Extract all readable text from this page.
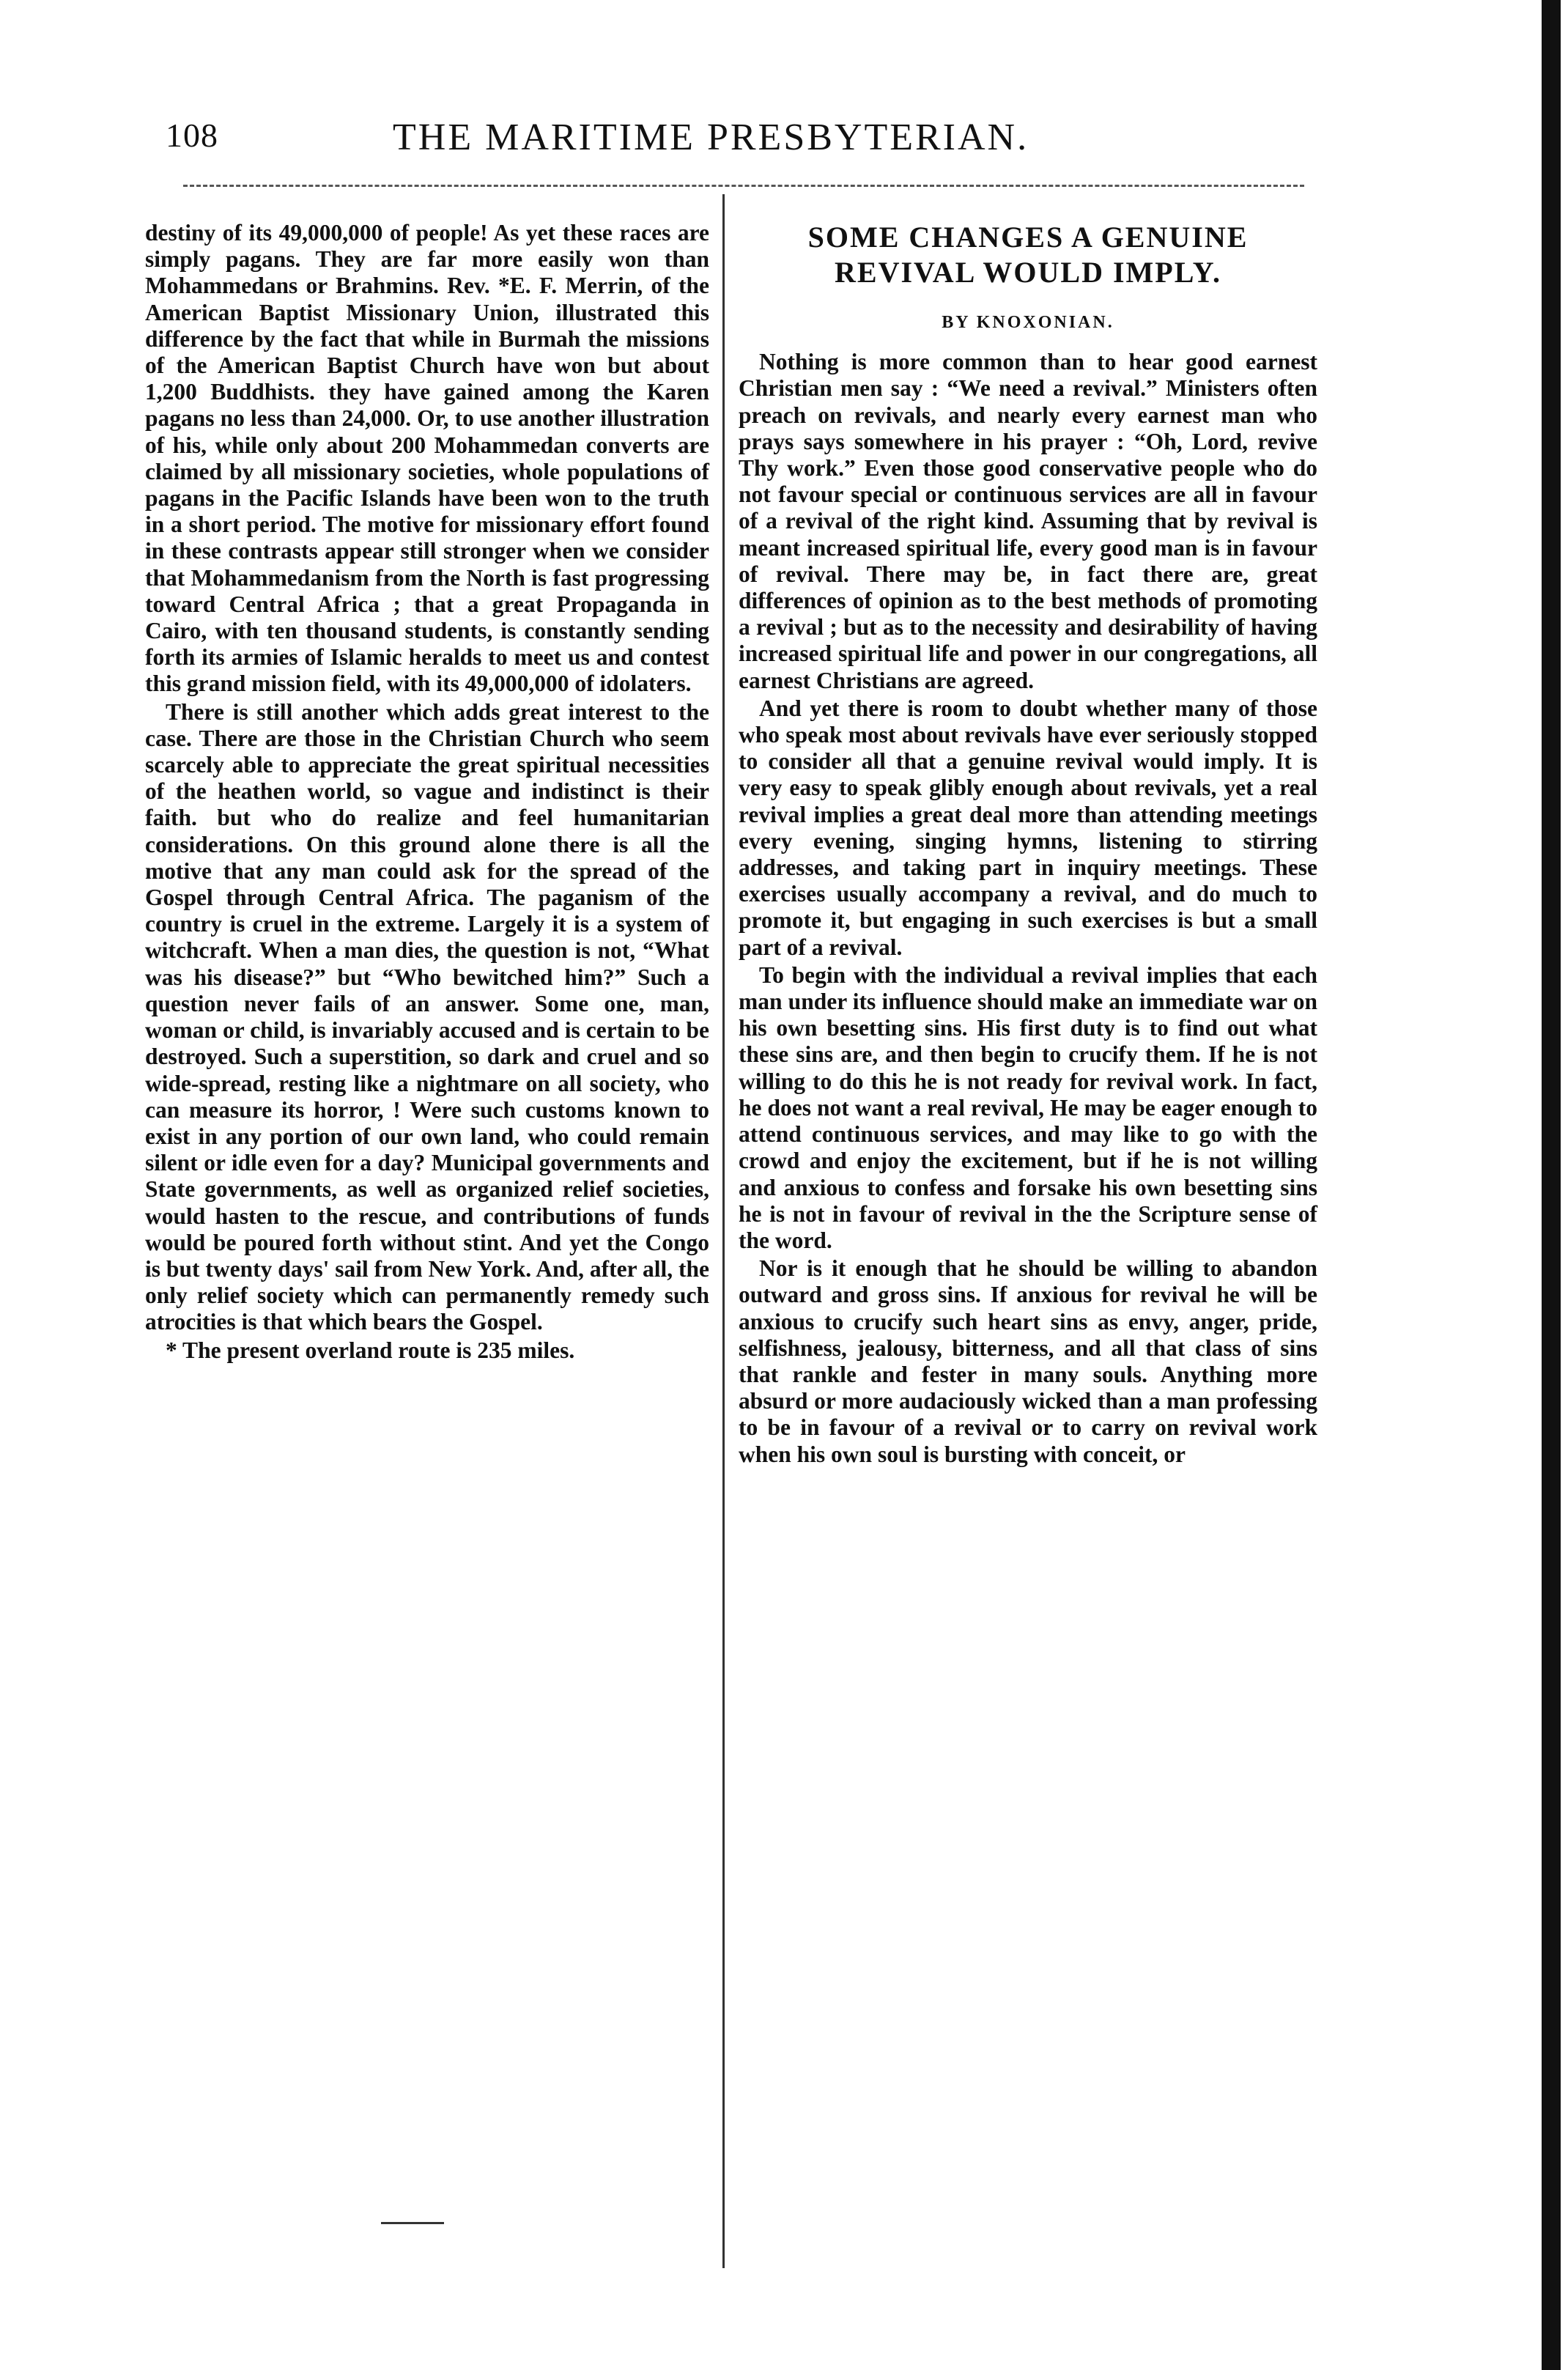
108	THE MARITIME PRESBYTERIAN.

destiny of its 49,000,000 of people! As yet these races are simply pagans. They are far more easily won than Mohammedans or Brahmins. Rev. *E. F. Merrin, of the American Baptist Missionary Union, illustrated this difference by the fact that while in Burmah the missions of the American Baptist Church have won but about 1,200 Buddhists. they have gained among the Karen pagans no less than 24,000. Or, to use another illustration of his, while only about 200 Mohammedan converts are claimed by all missionary societies, whole populations of pagans in the Pacific Islands have been won to the truth in a short period. The motive for missionary effort found in these contrasts appear still stronger when we consider that Mohammedanism from the North is fast progressing toward Central Africa ; that a great Propaganda in Cairo, with ten thousand students, is constantly sending forth its armies of Islamic heralds to meet us and contest this grand mission field, with its 49,000,000 of idolaters.

There is still another which adds great interest to the case. There are those in the Christian Church who seem scarcely able to appreciate the great spiritual necessities of the heathen world, so vague and indistinct is their faith. but who do realize and feel humanitarian considerations. On this ground alone there is all the motive that any man could ask for the spread of the Gospel through Central Africa. The paganism of the country is cruel in the extreme. Largely it is a system of witchcraft. When a man dies, the question is not, “What was his disease?” but “Who bewitched him?” Such a question never fails of an answer. Some one, man, woman or child, is invariably accused and is certain to be destroyed. Such a superstition, so dark and cruel and so wide-spread, resting like a nightmare on all society, who can measure its horror, ! Were such customs known to exist in any portion of our own land, who could remain silent or idle even for a day? Municipal governments and State governments, as well as organized relief societies, would hasten to the rescue, and contributions of funds would be poured forth without stint. And yet the Congo is but twenty days' sail from New York. And, after all, the only relief society which can permanently remedy such atrocities is that which bears the Gospel.

* The present overland route is 235 miles.

SOME CHANGES A GENUINE REVIVAL WOULD IMPLY.
BY KNOXONIAN.

Nothing is more common than to hear good earnest Christian men say : “We need a revival.” Ministers often preach on revivals, and nearly every earnest man who prays says somewhere in his prayer : “Oh, Lord, revive Thy work.” Even those good conservative people who do not favour special or continuous services are all in favour of a revival of the right kind. Assuming that by revival is meant increased spiritual life, every good man is in favour of revival. There may be, in fact there are, great differences of opinion as to the best methods of promoting a revival ; but as to the necessity and desirability of having increased spiritual life and power in our congregations, all earnest Christians are agreed.

And yet there is room to doubt whether many of those who speak most about revivals have ever seriously stopped to consider all that a genuine revival would imply. It is very easy to speak glibly enough about revivals, yet a real revival implies a great deal more than attending meetings every evening, singing hymns, listening to stirring addresses, and taking part in inquiry meetings. These exercises usually accompany a revival, and do much to promote it, but engaging in such exercises is but a small part of a revival.

To begin with the individual a revival implies that each man under its influence should make an immediate war on his own besetting sins. His first duty is to find out what these sins are, and then begin to crucify them. If he is not willing to do this he is not ready for revival work. In fact, he does not want a real revival, He may be eager enough to attend continuous services, and may like to go with the crowd and enjoy the excitement, but if he is not willing and anxious to confess and forsake his own besetting sins he is not in favour of revival in the the Scripture sense of the word.

Nor is it enough that he should be willing to abandon outward and gross sins. If anxious for revival he will be anxious to crucify such heart sins as envy, anger, pride, selfishness, jealousy, bitterness, and all that class of sins that rankle and fester in many souls. Anything more absurd or more audaciously wicked than a man professing to be in favour of a revival or to carry on revival work when his own soul is bursting with conceit, or
